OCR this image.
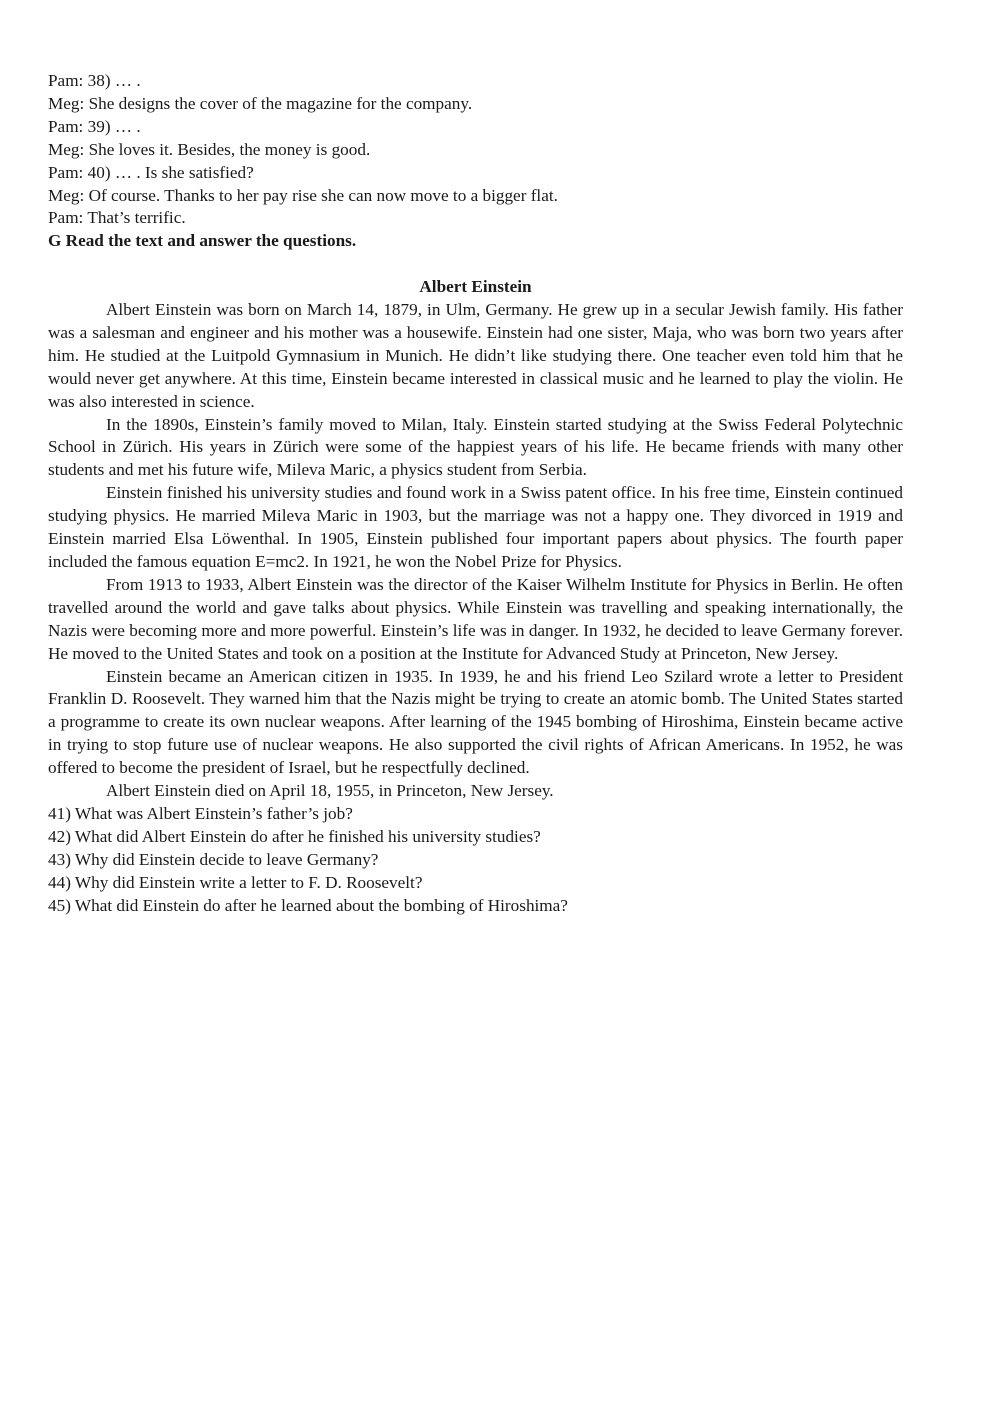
Pam: 38) … .

Meg: She designs the cover of the magazine for the company.

Pam: 39) … .

Meg: She loves it. Besides, the money is good.

Pam: 40) … . Is she satisfied?

Meg: Of course. Thanks to her pay rise she can now move to a bigger flat.

Pam: That’s terrific.

G Read the text and answer the questions.

Albert Einstein

Albert Einstein was born on March 14, 1879, in Ulm, Germany. He grew up in a secular Jewish family. His father was a salesman and engineer and his mother was a housewife. Einstein had one sister, Maja, who was born two years after him. He studied at the Luitpold Gymnasium in Munich. He didn’t like studying there. One teacher even told him that he would never get anywhere. At this time, Einstein became interested in classical music and he learned to play the violin. He was also interested in science.

In the 1890s, Einstein’s family moved to Milan, Italy. Einstein started studying at the Swiss Federal Polytechnic School in Zürich. His years in Zürich were some of the happiest years of his life. He became friends with many other students and met his future wife, Mileva Maric, a physics student from Serbia.

Einstein finished his university studies and found work in a Swiss patent office. In his free time, Einstein continued studying physics. He married Mileva Maric in 1903, but the marriage was not a happy one. They divorced in 1919 and Einstein married Elsa Löwenthal. In 1905, Einstein published four important papers about physics. The fourth paper included the famous equation E=mc2. In 1921, he won the Nobel Prize for Physics.

From 1913 to 1933, Albert Einstein was the director of the Kaiser Wilhelm Institute for Physics in Berlin. He often travelled around the world and gave talks about physics. While Einstein was travelling and speaking internationally, the Nazis were becoming more and more powerful. Einstein’s life was in danger. In 1932, he decided to leave Germany forever. He moved to the United States and took on a position at the Institute for Advanced Study at Princeton, New Jersey.

Einstein became an American citizen in 1935. In 1939, he and his friend Leo Szilard wrote a letter to President Franklin D. Roosevelt. They warned him that the Nazis might be trying to create an atomic bomb. The United States started a programme to create its own nuclear weapons. After learning of the 1945 bombing of Hiroshima, Einstein became active in trying to stop future use of nuclear weapons. He also supported the civil rights of African Americans. In 1952, he was offered to become the president of Israel, but he respectfully declined.

Albert Einstein died on April 18, 1955, in Princeton, New Jersey.

41) What was Albert Einstein’s father’s job?
42) What did Albert Einstein do after he finished his university studies?
43) Why did Einstein decide to leave Germany?
44) Why did Einstein write a letter to F. D. Roosevelt?
45) What did Einstein do after he learned about the bombing of Hiroshima?
